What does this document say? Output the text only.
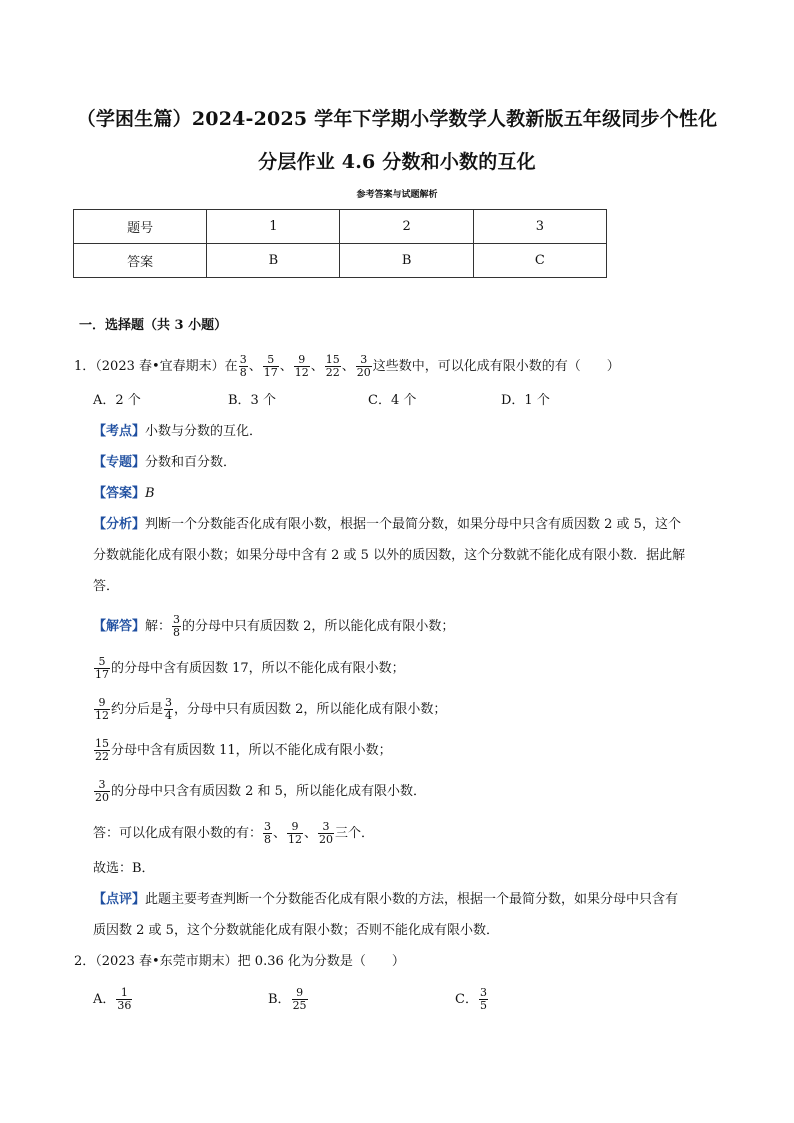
（学困生篇）2024-2025 学年下学期小学数学人教新版五年级同步个性化
分层作业 4.6 分数和小数的互化
参考答案与试题解析
题号	1	2	3
答案	B	B	C
一．选择题（共 3 小题）
1．（2023 春•宜春期末）在 $\frac{3}{8}$ 、 $\frac{5}{17}$ 、 $\frac{9}{12}$ 、 $\frac{15}{22}$ 、 $\frac{3}{20}$ 这些数中，可以化成有限小数的有（　　）
A．2 个	B．3 个	C．4 个	D．1 个
【考点】小数与分数的互化．
【专题】分数和百分数．
【答案】B
【分析】判断一个分数能否化成有限小数，根据一个最简分数，如果分母中只含有质因数 2 或 5，这个
分数就能化成有限小数；如果分母中含有 2 或 5 以外的质因数，这个分数就不能化成有限小数．据此解
答．
【解答】解： $\frac{3}{8}$ 的分母中只有质因数 2，所以能化成有限小数；
$\frac{5}{17}$ 的分母中含有质因数 17，所以不能化成有限小数；
$\frac{9}{12}$ 约分后是 $\frac{3}{4}$ ，分母中只有质因数 2，所以能化成有限小数；
$\frac{15}{22}$ 分母中含有质因数 11，所以不能化成有限小数；
$\frac{3}{20}$ 的分母中只含有质因数 2 和 5，所以能化成有限小数．
答：可以化成有限小数的有： $\frac{3}{8}$ 、 $\frac{9}{12}$ 、 $\frac{3}{20}$ 三个．
故选：B．
【点评】此题主要考查判断一个分数能否化成有限小数的方法，根据一个最简分数，如果分母中只含有
质因数 2 或 5，这个分数就能化成有限小数；否则不能化成有限小数．
2．（2023 春•东莞市期末）把 0.36 化为分数是（　　）
A． $\frac{1}{36}$	B． $\frac{9}{25}$	C． $\frac{3}{5}$
